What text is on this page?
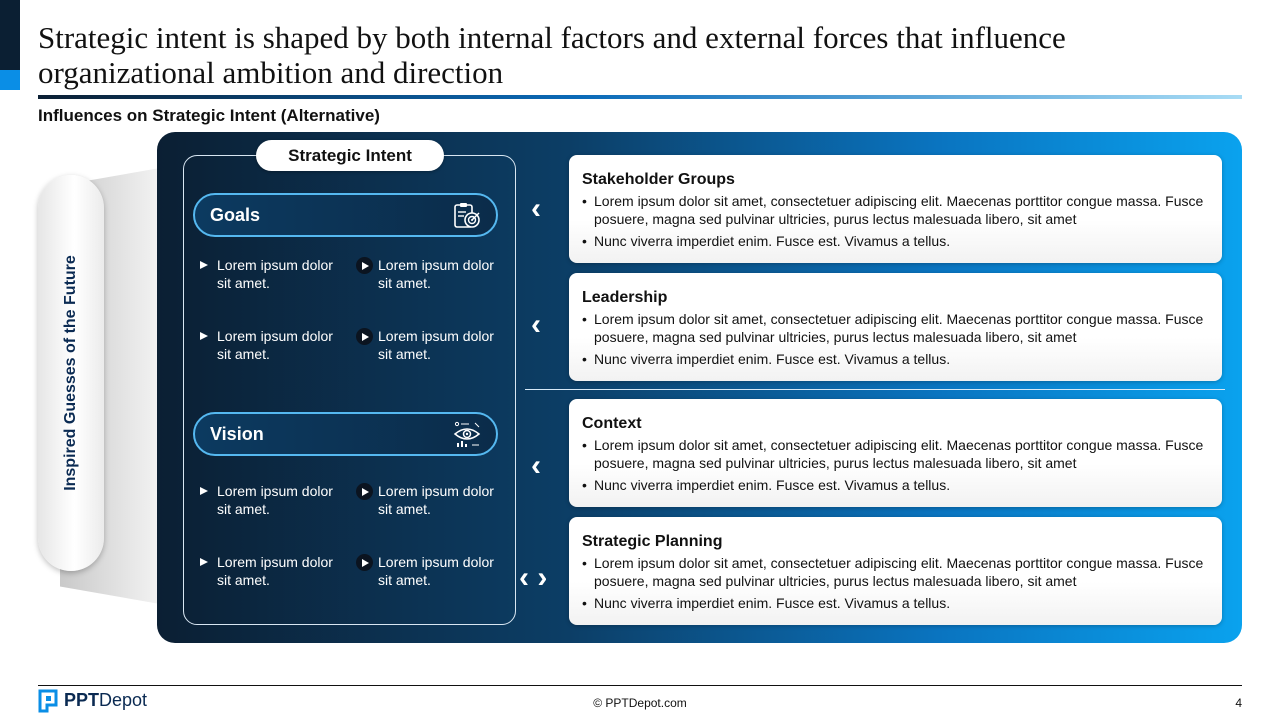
Strategic intent is shaped by both internal factors and external forces that influence organizational ambition and direction
Influences on Strategic Intent (Alternative)
Inspired Guesses of the Future
Strategic Intent
Goals
Lorem ipsum dolor sit amet.
Lorem ipsum dolor sit amet.
Lorem ipsum dolor sit amet.
Lorem ipsum dolor sit amet.
Vision
Lorem ipsum dolor sit amet.
Lorem ipsum dolor sit amet.
Lorem ipsum dolor sit amet.
Lorem ipsum dolor sit amet.
‹
‹
‹
‹ ›
Stakeholder Groups
• Lorem ipsum dolor sit amet, consectetuer adipiscing elit. Maecenas porttitor congue massa. Fusce posuere, magna sed pulvinar ultricies, purus lectus malesuada libero, sit amet
• Nunc viverra imperdiet enim. Fusce est. Vivamus a tellus.
Leadership
• Lorem ipsum dolor sit amet, consectetuer adipiscing elit. Maecenas porttitor congue massa. Fusce posuere, magna sed pulvinar ultricies, purus lectus malesuada libero, sit amet
• Nunc viverra imperdiet enim. Fusce est. Vivamus a tellus.
Context
• Lorem ipsum dolor sit amet, consectetuer adipiscing elit. Maecenas porttitor congue massa. Fusce posuere, magna sed pulvinar ultricies, purus lectus malesuada libero, sit amet
• Nunc viverra imperdiet enim. Fusce est. Vivamus a tellus.
Strategic Planning
• Lorem ipsum dolor sit amet, consectetuer adipiscing elit. Maecenas porttitor congue massa. Fusce posuere, magna sed pulvinar ultricies, purus lectus malesuada libero, sit amet
• Nunc viverra imperdiet enim. Fusce est. Vivamus a tellus.
PPTDepot	© PPTDepot.com	4
